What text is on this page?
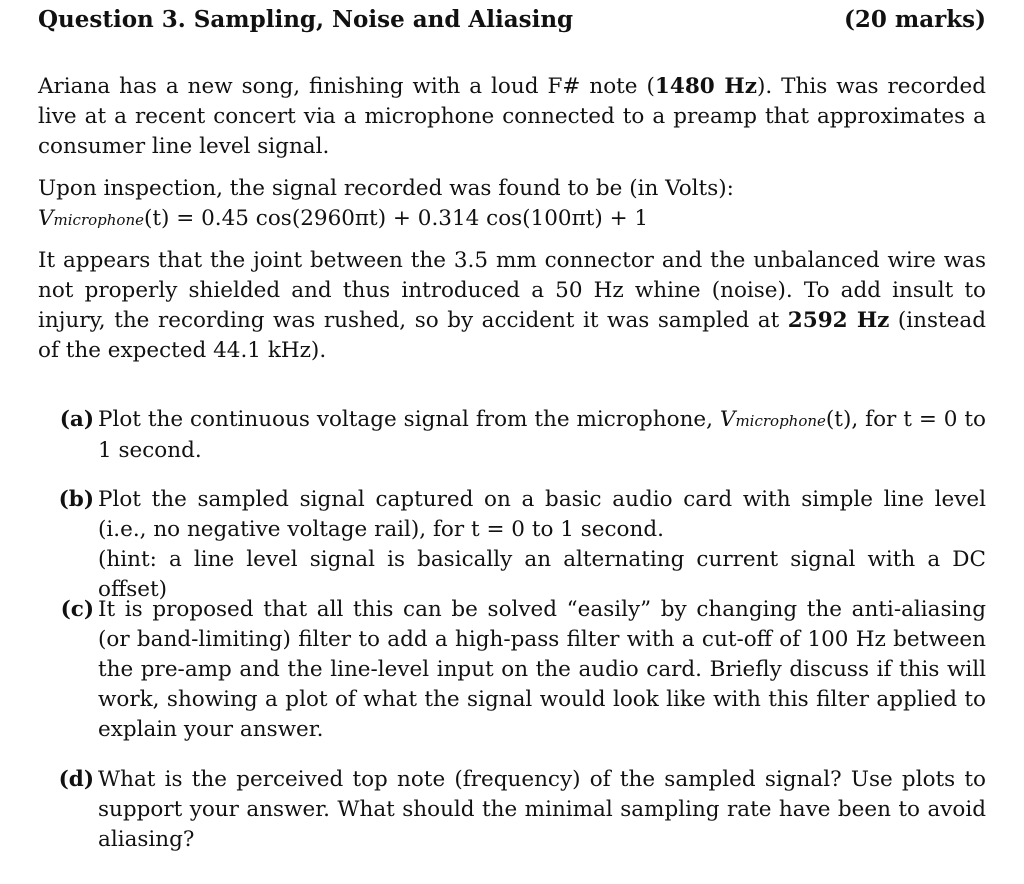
Question 3. Sampling, Noise and Aliasing	(20 marks)

Ariana has a new song, finishing with a loud F# note (1480 Hz). This was recorded live at a recent concert via a microphone connected to a preamp that approximates a consumer line level signal.

Upon inspection, the signal recorded was found to be (in Volts):
Vmicrophone(t) = 0.45 cos(2960πt) + 0.314 cos(100πt) + 1

It appears that the joint between the 3.5 mm connector and the unbalanced wire was not properly shielded and thus introduced a 50 Hz whine (noise). To add insult to injury, the recording was rushed, so by accident it was sampled at 2592 Hz (instead of the expected 44.1 kHz).

(a) Plot the continuous voltage signal from the microphone, Vmicrophone(t), for t = 0 to 1 second.
(b) Plot the sampled signal captured on a basic audio card with simple line level (i.e., no negative voltage rail), for t = 0 to 1 second.
(hint: a line level signal is basically an alternating current signal with a DC offset)
(c) It is proposed that all this can be solved “easily” by changing the anti-aliasing (or band-limiting) filter to add a high-pass filter with a cut-off of 100 Hz between the pre-amp and the line-level input on the audio card. Briefly discuss if this will work, showing a plot of what the signal would look like with this filter applied to explain your answer.
(d) What is the perceived top note (frequency) of the sampled signal? Use plots to support your answer. What should the minimal sampling rate have been to avoid aliasing?
